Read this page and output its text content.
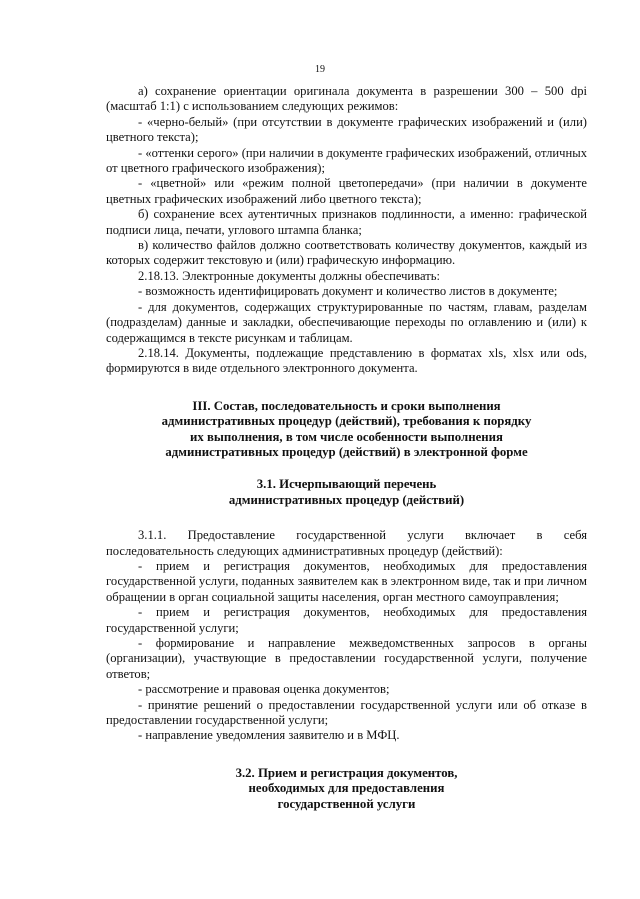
19

а) сохранение ориентации оригинала документа в разрешении 300 – 500 dpi (масштаб 1:1) с использованием следующих режимов:

- «черно-белый» (при отсутствии в документе графических изображений и (или) цветного текста);

- «оттенки серого» (при наличии в документе графических изображений, отличных от цветного графического изображения);

- «цветной» или «режим полной цветопередачи» (при наличии в документе цветных графических изображений либо цветного текста);

б) сохранение всех аутентичных признаков подлинности, а именно: графической подписи лица, печати, углового штампа бланка;

в) количество файлов должно соответствовать количеству документов, каждый из которых содержит текстовую и (или) графическую информацию.

2.18.13. Электронные документы должны обеспечивать:

- возможность идентифицировать документ и количество листов в документе;

- для документов, содержащих структурированные по частям, главам, разделам (подразделам) данные и закладки, обеспечивающие переходы по оглавлению и (или) к содержащимся в тексте рисункам и таблицам.

2.18.14. Документы, подлежащие представлению в форматах xls, xlsx или ods, формируются в виде отдельного электронного документа.

III. Состав, последовательность и сроки выполнения
административных процедур (действий), требования к порядку
их выполнения, в том числе особенности выполнения
административных процедур (действий) в электронной форме
3.1. Исчерпывающий перечень
административных процедур (действий)

3.1.1. Предоставление государственной услуги включает в себя последовательность следующих административных процедур (действий):

- прием и регистрация документов, необходимых для предоставления государственной услуги, поданных заявителем как в электронном виде, так и при личном обращении в орган социальной защиты населения, орган местного самоуправления;

- прием и регистрация документов, необходимых для предоставления государственной услуги;

- формирование и направление межведомственных запросов в органы (организации), участвующие в предоставлении государственной услуги, получение ответов;

- рассмотрение и правовая оценка документов;

- принятие решений о предоставлении государственной услуги или об отказе в предоставлении государственной услуги;

- направление уведомления заявителю и в МФЦ.

3.2. Прием и регистрация документов,
необходимых для предоставления
государственной услуги
